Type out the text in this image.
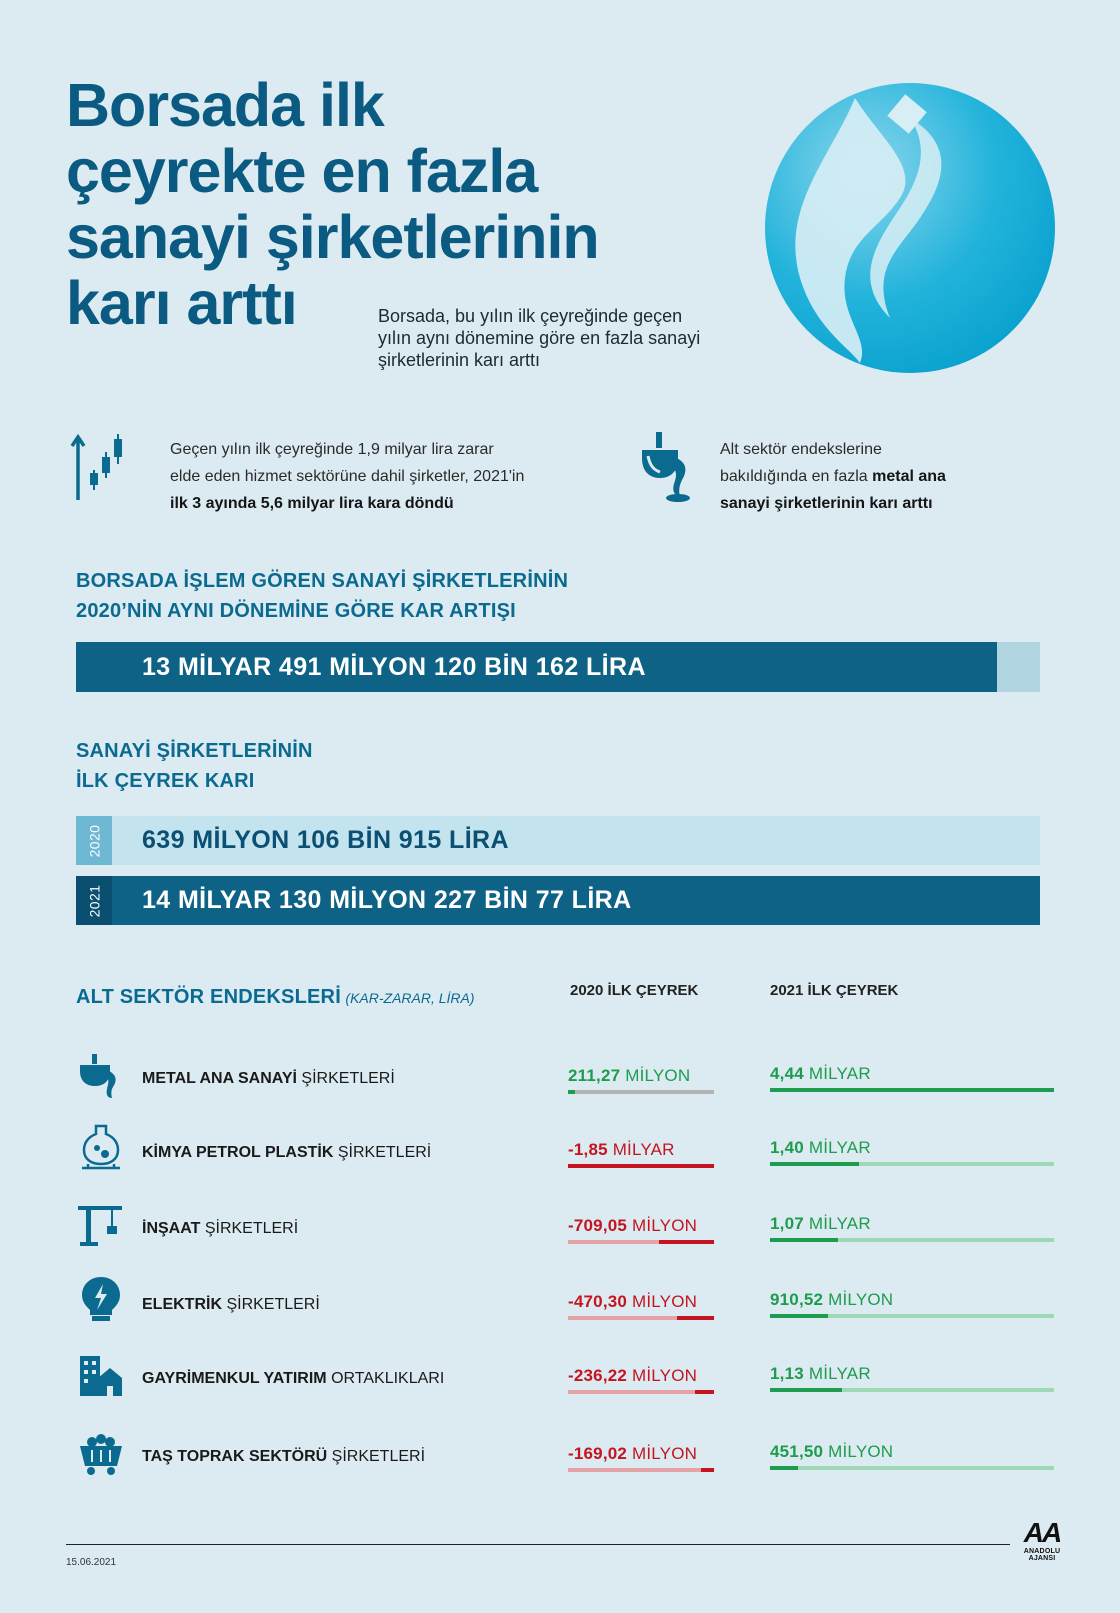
Borsada ilk
çeyrekte en fazla
sanayi şirketlerinin
karı arttı	Borsada, bu yılın ilk çeyreğinde geçen yılın aynı dönemine göre en fazla sanayi şirketlerinin karı arttı
Geçen yılın ilk çeyreğinde 1,9 milyar lira zarar
elde eden hizmet sektörüne dahil şirketler, 2021'in
ilk 3 ayında 5,6 milyar lira kara döndü
Alt sektör endekslerine
bakıldığında en fazla metal ana
sanayi şirketlerinin karı arttı
BORSADA İŞLEM GÖREN SANAYİ ŞİRKETLERİNİN
2020’NİN AYNI DÖNEMİNE GÖRE KAR ARTIŞI
13 MİLYAR 491 MİLYON 120 BİN 162 LİRA
SANAYİ ŞİRKETLERİNİN
İLK ÇEYREK KARI
2020	639 MİLYON 106 BİN 915 LİRA
2021	14 MİLYAR 130 MİLYON 227 BİN 77 LİRA
ALT SEKTÖR ENDEKSLERİ (KAR-ZARAR, LİRA)	2020 İLK ÇEYREK	2021 İLK ÇEYREK
METAL ANA SANAYİ ŞİRKETLERİ	211,27 MİLYON	4,44 MİLYAR
KİMYA PETROL PLASTİK ŞİRKETLERİ	-1,85 MİLYAR	1,40 MİLYAR
İNŞAAT ŞİRKETLERİ	-709,05 MİLYON	1,07 MİLYAR
ELEKTRİK ŞİRKETLERİ	-470,30 MİLYON	910,52 MİLYON
GAYRİMENKUL YATIRIM ORTAKLIKLARI	-236,22 MİLYON	1,13 MİLYAR
TAŞ TOPRAK SEKTÖRÜ ŞİRKETLERİ	-169,02 MİLYON	451,50 MİLYON
15.06.2021
AA
ANADOLU AJANSI
